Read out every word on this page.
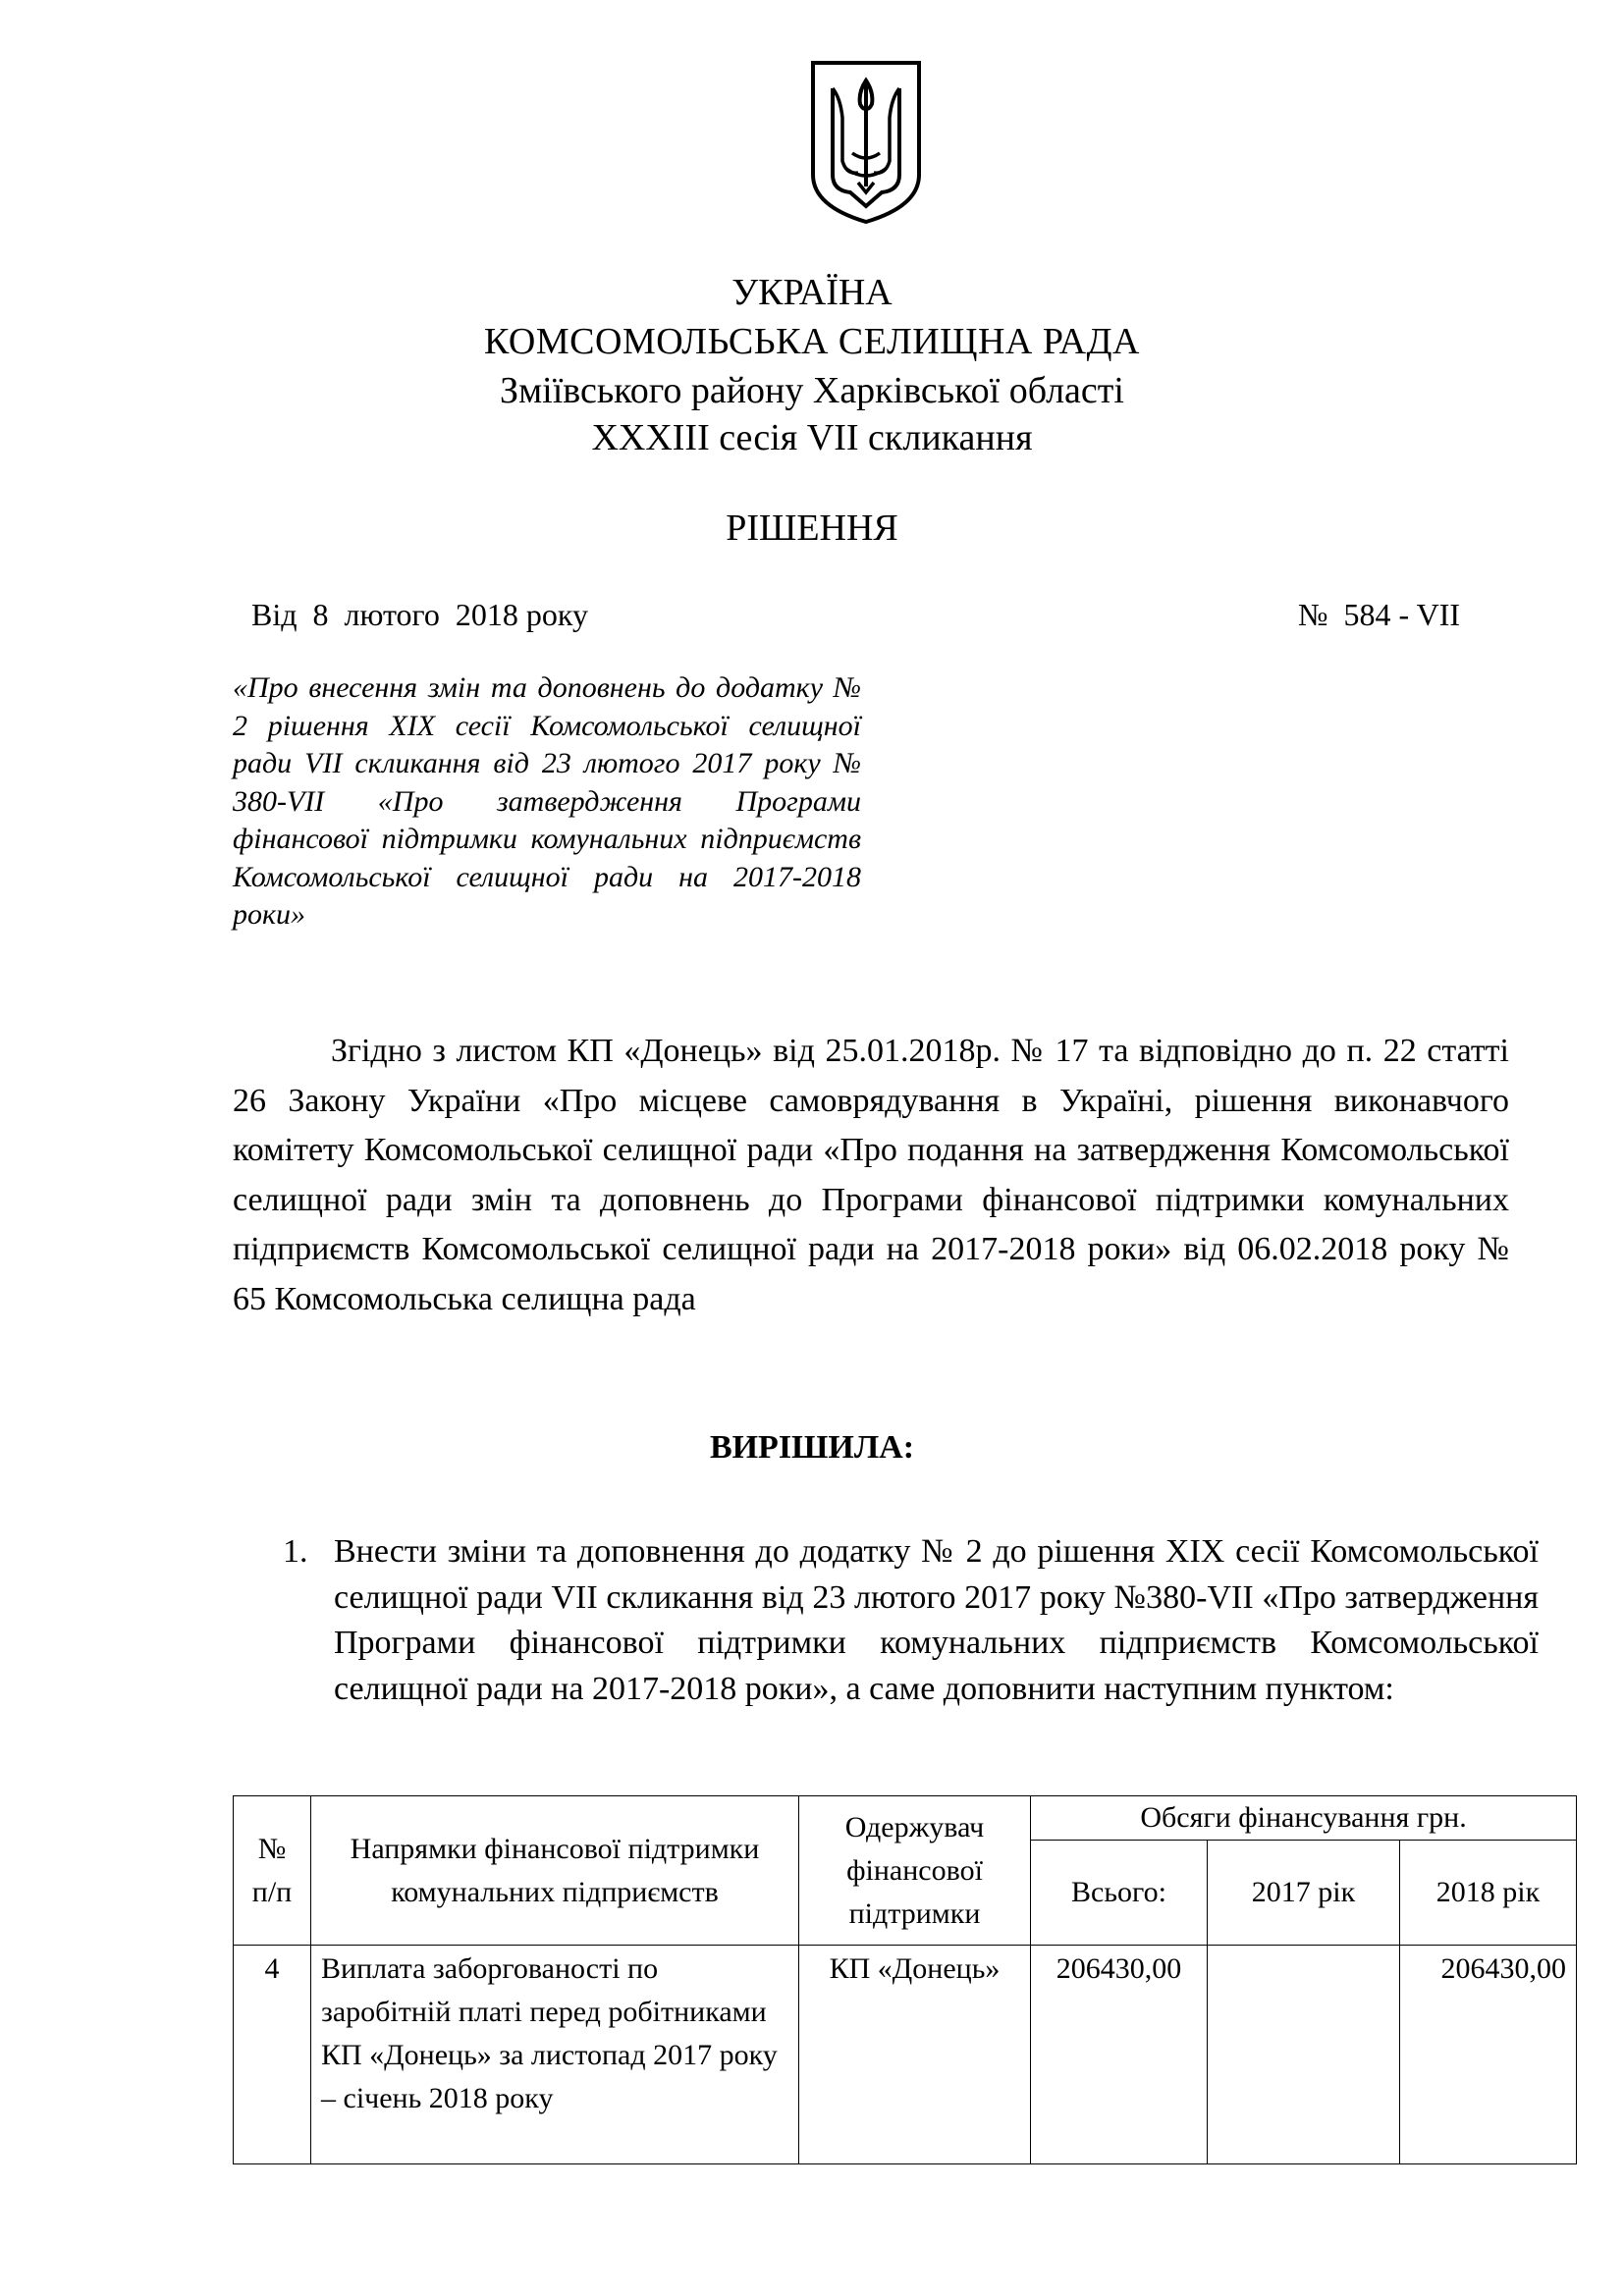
УКРАЇНА
КОМСОМОЛЬСЬКА СЕЛИЩНА РАДА
Зміївського району Харківської області
XXXIII сесія VII скликання
РІШЕННЯ
Від  8  лютого  2018 року	№  584 - VII
«Про внесення змін та доповнень до додатку № 2 рішення XIX сесії Комсомольської селищної ради VII скликання від 23 лютого 2017 року № 380-VII «Про затвердження Програми фінансової підтримки комунальних підприємств Комсомольської селищної ради на 2017-2018 роки»
Згідно з листом КП «Донець» від 25.01.2018р. № 17 та відповідно до п. 22 статті 26 Закону України «Про місцеве самоврядування в Україні, рішення виконавчого комітету Комсомольської селищної ради «Про подання на затвердження Комсомольської селищної ради змін та доповнень до Програми фінансової підтримки комунальних підприємств Комсомольської селищної ради на 2017-2018 роки» від 06.02.2018 року № 65 Комсомольська селищна рада
ВИРІШИЛА:
1. Внести зміни та доповнення до додатку № 2 до рішення XIX сесії Комсомольської селищної ради VII скликання від 23 лютого 2017 року №380-VII «Про затвердження Програми фінансової підтримки комунальних підприємств Комсомольської селищної ради на 2017-2018 роки», а саме доповнити наступним пунктом:
№ п/п	Напрямки фінансової підтримки комунальних підприємств	Одержувач фінансової підтримки	Обсяги фінансування грн.		
			Всього:	2017 рік	2018 рік
4	Виплата заборгованості по заробітній платі перед робітниками КП «Донець» за листопад 2017 року – січень 2018 року	КП «Донець»	206430,00		206430,00
